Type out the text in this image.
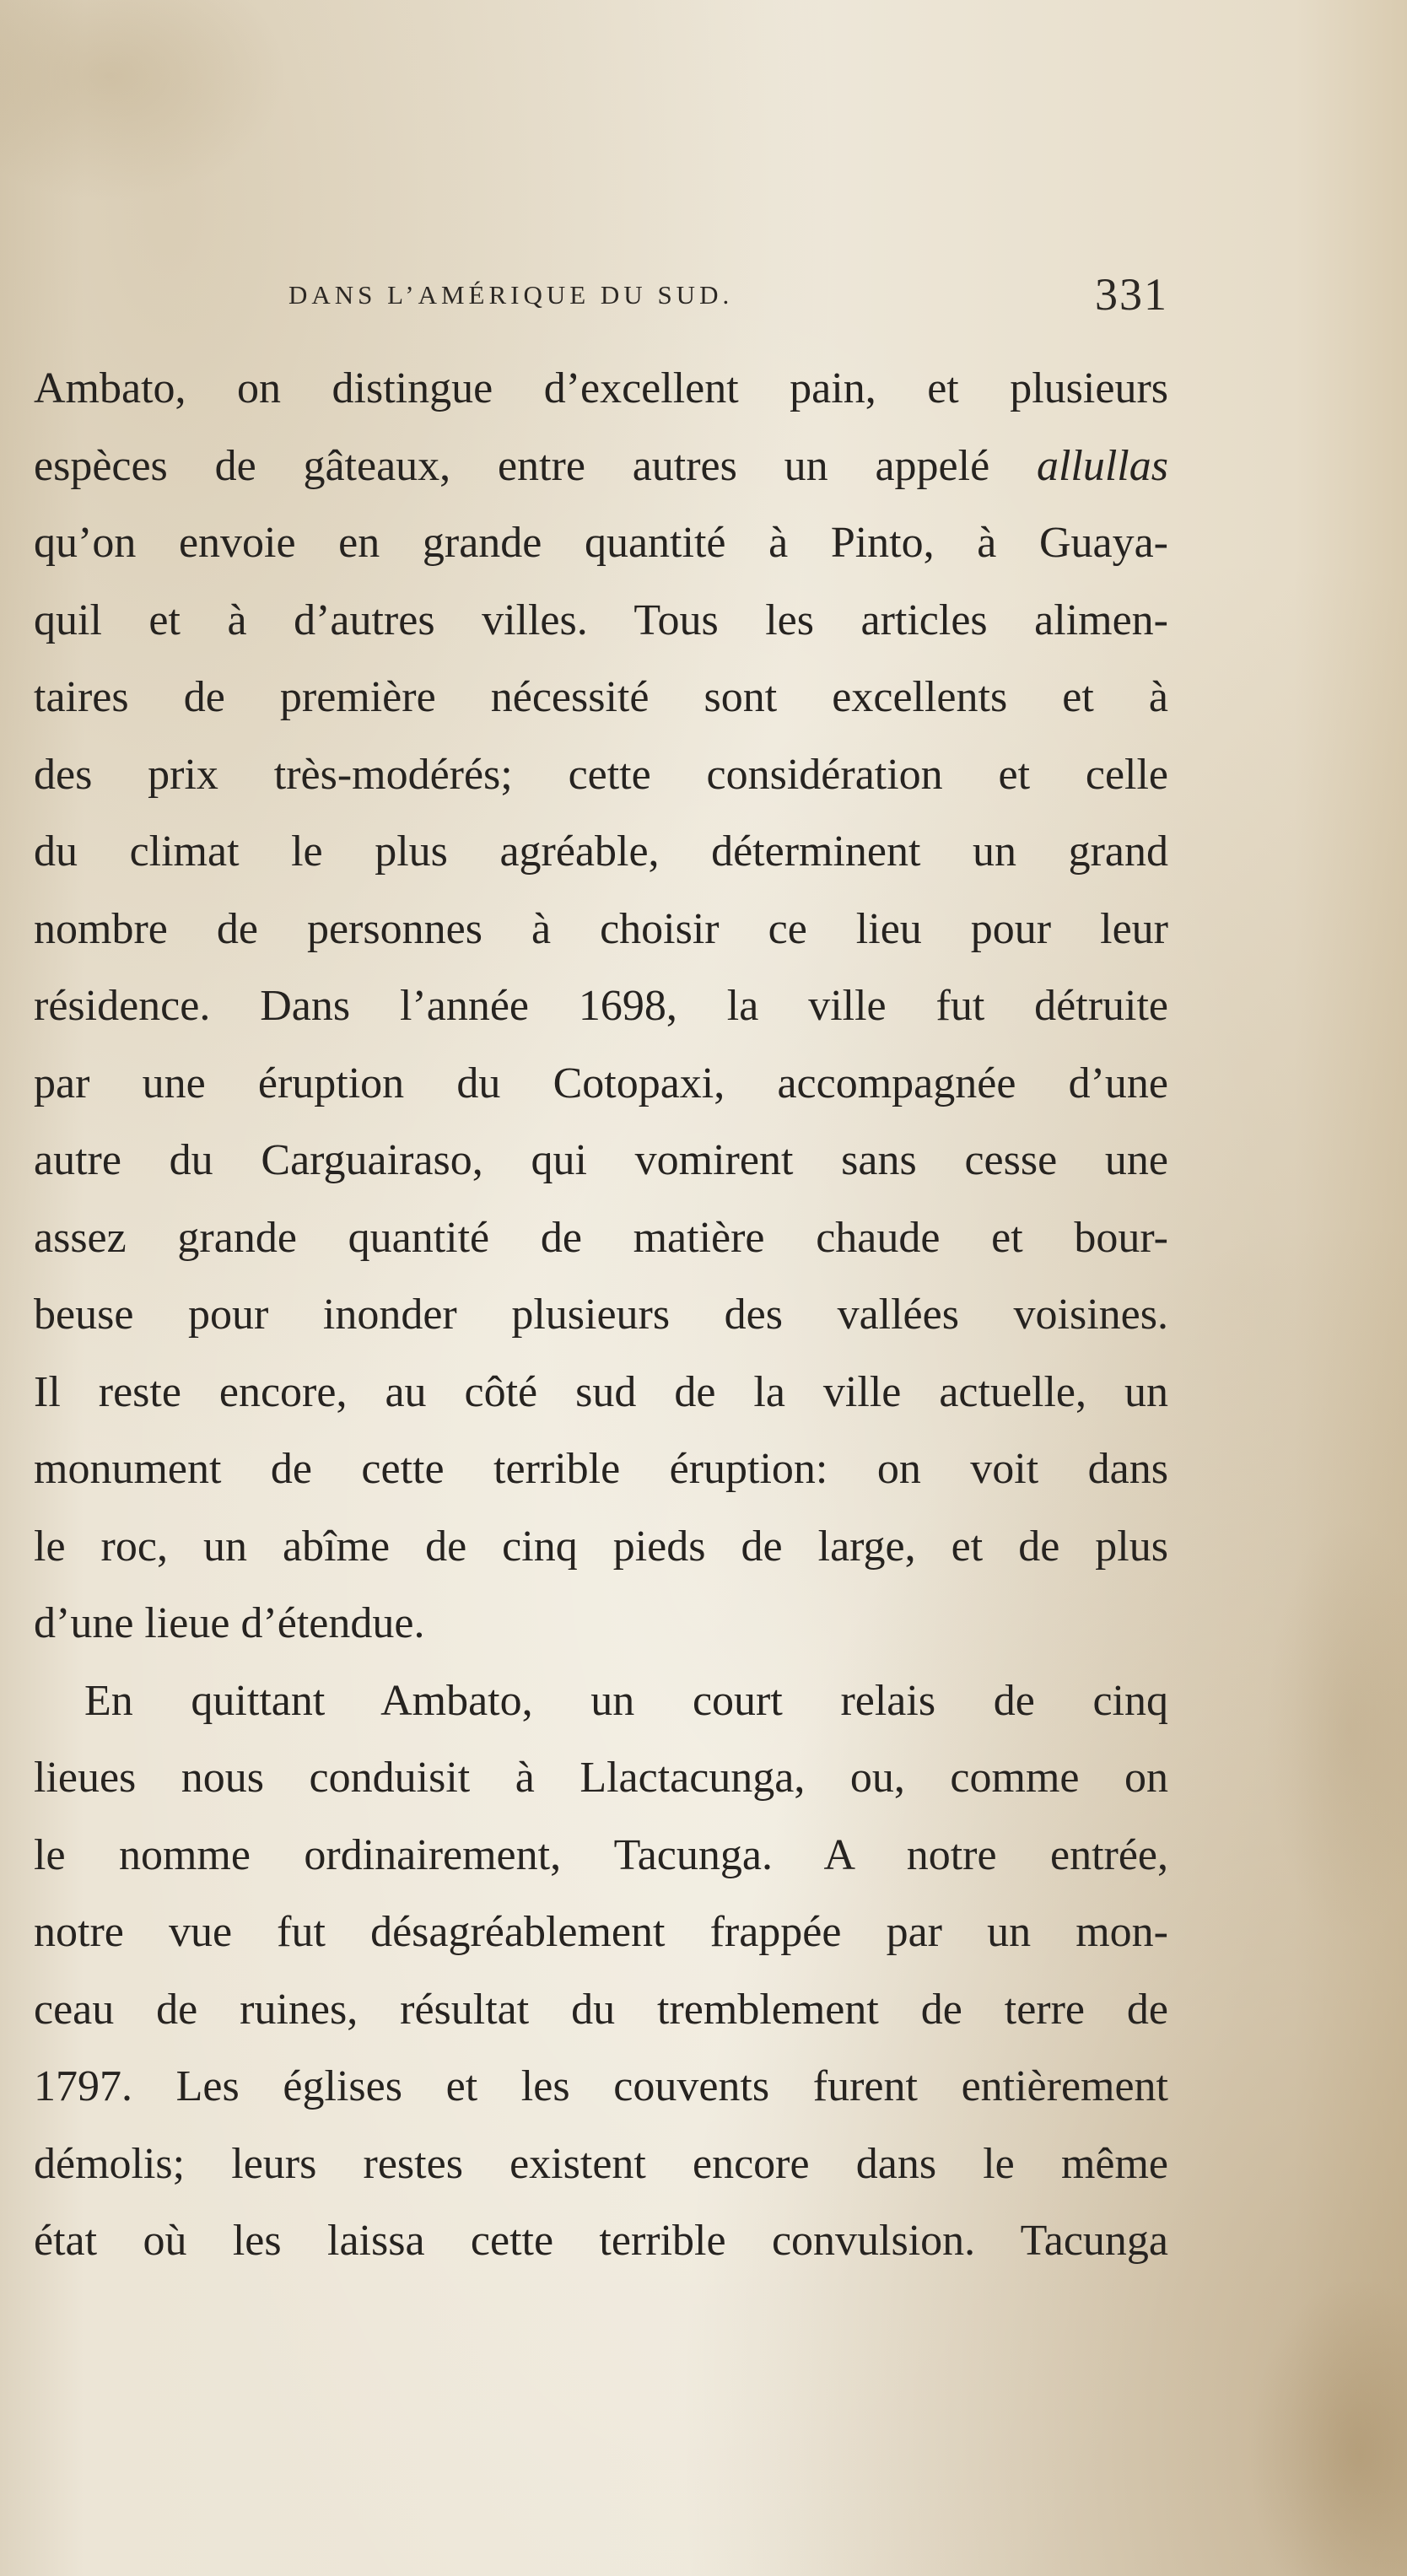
DANS L’AMÉRIQUE DU SUD.	331
Ambato, on distingue d’excellent pain, et plusieurs
espèces de gâteaux, entre autres un appelé allullas
qu’on envoie en grande quantité à Pinto, à Guaya-
quil et à d’autres villes. Tous les articles alimen-
taires de première nécessité sont excellents et à
des prix très-modérés; cette considération et celle
du climat le plus agréable, déterminent un grand
nombre de personnes à choisir ce lieu pour leur
résidence. Dans l’année 1698, la ville fut détruite
par une éruption du Cotopaxi, accompagnée d’une
autre du Carguairaso, qui vomirent sans cesse une
assez grande quantité de matière chaude et bour-
beuse pour inonder plusieurs des vallées voisines.
Il reste encore, au côté sud de la ville actuelle, un
monument de cette terrible éruption: on voit dans
le roc, un abîme de cinq pieds de large, et de plus
d’une lieue d’étendue.
En quittant Ambato, un court relais de cinq
lieues nous conduisit à Llactacunga, ou, comme on
le nomme ordinairement, Tacunga. A notre entrée,
notre vue fut désagréablement frappée par un mon-
ceau de ruines, résultat du tremblement de terre de
1797. Les églises et les couvents furent entièrement
démolis; leurs restes existent encore dans le même
état où les laissa cette terrible convulsion. Tacunga
